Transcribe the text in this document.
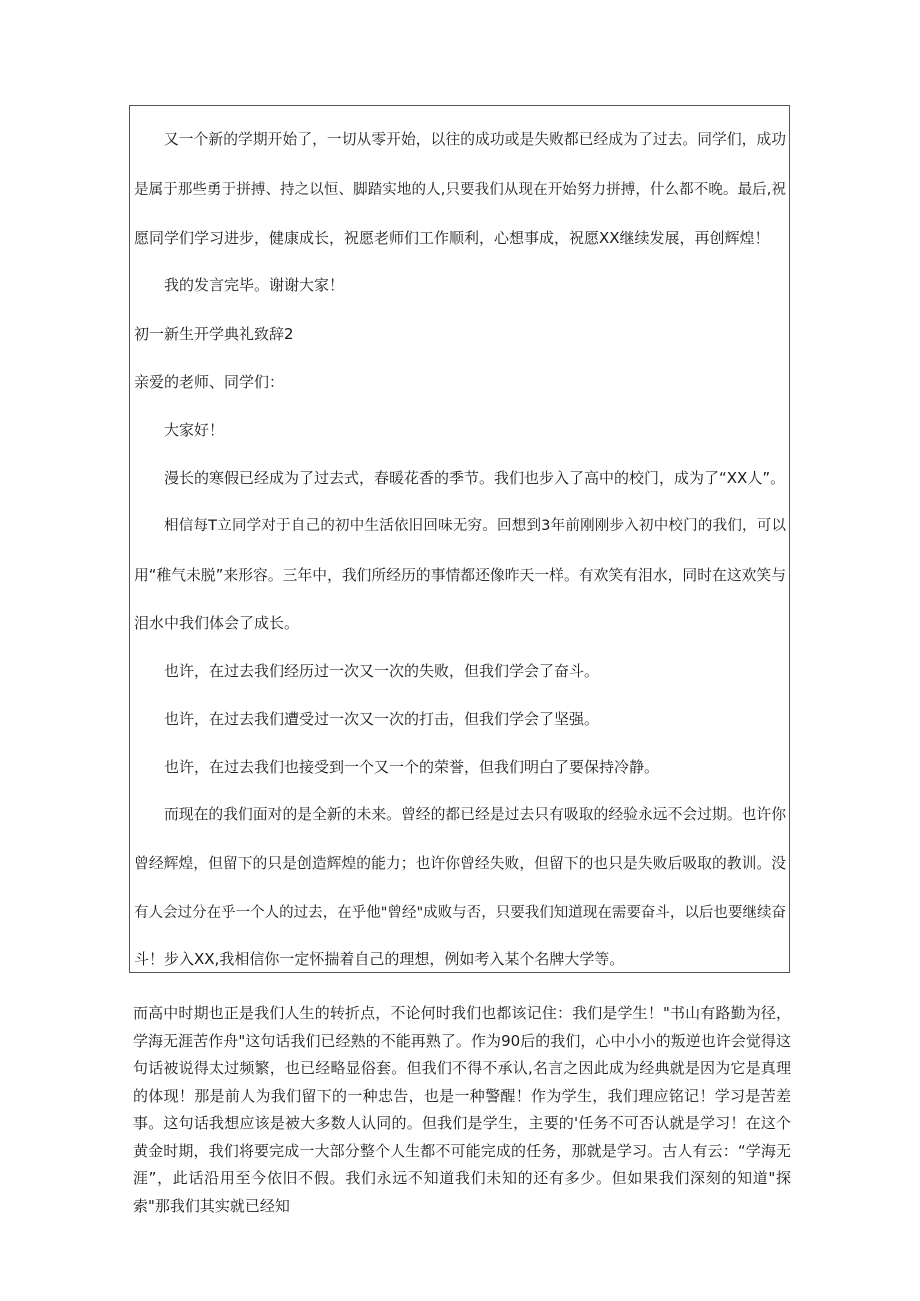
又一个新的学期开始了，一切从零开始，以往的成功或是失败都已经成为了过去。同学们，成功
是属于那些勇于拼搏、持之以恒、脚踏实地的人,只要我们从现在开始努力拼搏，什么都不晚。最后,祝
愿同学们学习进步，健康成长，祝愿老师们工作顺利，心想事成，祝愿XX继续发展，再创辉煌！
我的发言完毕。谢谢大家！
初一新生开学典礼致辞2
亲爱的老师、同学们：
大家好！
漫长的寒假已经成为了过去式，春暖花香的季节。我们也步入了高中的校门，成为了“XX人”。
相信每T立同学对于自己的初中生活依旧回味无穷。回想到3年前刚刚步入初中校门的我们，可以
用“稚气未脱”来形容。三年中，我们所经历的事情都还像昨天一样。有欢笑有泪水，同时在这欢笑与
泪水中我们体会了成长。
也许，在过去我们经历过一次又一次的失败，但我们学会了奋斗。
也许，在过去我们遭受过一次又一次的打击，但我们学会了坚强。
也许，在过去我们也接受到一个又一个的荣誉，但我们明白了要保持冷静。
而现在的我们面对的是全新的未来。曾经的都已经是过去只有吸取的经验永远不会过期。也许你
曾经辉煌，但留下的只是创造辉煌的能力；也许你曾经失败，但留下的也只是失败后吸取的教训。没
有人会过分在乎一个人的过去，在乎他"曾经"成败与否，只要我们知道现在需要奋斗，以后也要继续奋
斗！步入XX,我相信你一定怀揣着自己的理想，例如考入某个名牌大学等。
而高中时期也正是我们人生的转折点，不论何时我们也都该记住：我们是学生！"书山有路勤为径，学海无涯苦作舟"这句话我们已经熟的不能再熟了。作为90后的我们，心中小小的叛逆也许会觉得这句话被说得太过频繁，也已经略显俗套。但我们不得不承认,名言之因此成为经典就是因为它是真理的体现！那是前人为我们留下的一种忠告，也是一种警醒！作为学生，我们理应铭记！学习是苦差事。这句话我想应该是被大多数人认同的。但我们是学生，主要的'任务不可否认就是学习！在这个黄金时期，我们将要完成一大部分整个人生都不可能完成的任务，那就是学习。古人有云：“学海无涯”，此话沿用至今依旧不假。我们永远不知道我们未知的还有多少。但如果我们深刻的知道"探索"那我们其实就已经知
